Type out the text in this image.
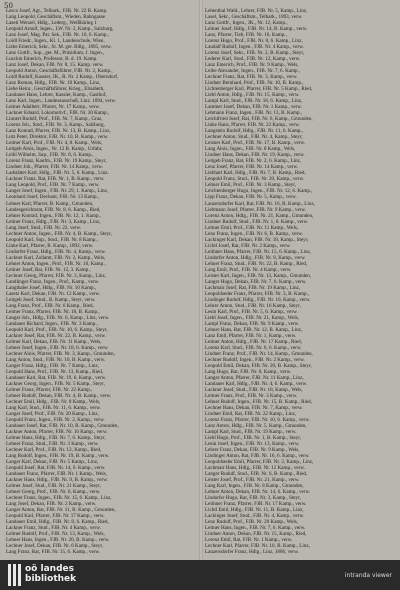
50
Lesco Josef, Agt., Telbark., FJB. Nr. 22 B. Kamp.
Lang Leopold, Geschäftsm., Wieden, Bahngasse
Lasetl Wenzel, Hdlg., Lederg., Weißhäring 1
Leopold Arnulf, Ingen., LW. Nr. 2, Kamp., Salzburg,
Lanz Josef, Mag. Pat. Sek., FJB. Nr. 10, 6. Kamp.,
Loidl Friedr., Ingen., Kl. 1, Landesschule, Wien.
Liebe Emerich, Sekr., St. M. ger. Bdlg., 1895, verw.
Lanz Gottfr., Sup., ger. M., Präsidium, J. Ingen.,
Luschin Emerich, Professor, B. d. 19. Kamp.
Lanz Josef, Dekan, FJB. Nr. 8, 15. Kamp. verw.
Leopold Anton, Geschäftsführer, FJB. Nr. 2, Kamp.,
Loidl Rudolf, Kassier, JK., R. Nr. 2 Kamp., Oberndorf,
Lanz Roman, Hdlg., FJB. Nr. 10 Kamp., Linz,
Liebe Heinr., Geschäftsführer, Krieg., Elisabeth,
Landauer Hans, Lehrer, Kassier, Kamp., Gasthof,
Lanz Karl, Ingen., Landesausschuß, Linz. 1894, verw.
Leitner Adalbert, Pfarrer, Nr. 17 Kamp., verw.
Lackner Eduard, Lokomotivf., FJB. Nr. 30 Kamp.,
Linnert Rudolf, Prof., FJB. Nr. 7, Kamp., Graz,
Lorenz Joh., Stud., FJB. Nr. 3, Kamp., Salzburg,
Lanz Konrad, Pfarrer, FJB. Nr. 13, B. Kamp., Linz,
Lutz Peter, Direktor, FJB. Nr. 10, B. Kamp., verw.
Leimer Karl, Prof., FJB. Nr. 4, 8. Kamp., Wels,
Leitgeb Alois, Ingen., Nr. 12 B. Kamp., Urfahr,
Leibl Wilhelm, Sup., FJB. Nr. 8, 6. Kamp.,
Lorenz Franz, Kaufm., FJB. Nr. 19 Kamp., Steyr,
Lindner Joh., Pfarrer, FJB. Nr. 14 Kamp., verw.
Ladstätter Karl, Hdlg., FJB. Nr. 5, 6. Kamp., Linz.
Lackner Franz, Rat, FJB. Nr. 1, B. Kamp., verw.
Lang Leopold, Prof., FJB. Nr. 7 Kamp., verw.
Langer Josef, Ingen., FJB. Nr. 29, 1. Kamp., Linz,
Leonhard Josef, Dechant, FJB. Nr. 13 Kamp.,
Lehner Karl, Pfarrer, B. Kamp., Gmunden,
Landesgerichtsrat, FJB. Nr. 8, 6. Kamp., Ried,
Lehner Konrad, Ingen., FJB. Nr. 12, 1. Kamp.,
Leitner Franz, Hdlg., FJB. Nr. 3, Kamp., Linz,
Lang Josef, Stud., FJB. Nr. 22, verw.
Lechner Anton, Ingen., FJB. Nr. 4, B. Kamp., Steyr,
Leopold Karl, Sup., Stud., FJB. Nr. 8 Kamp.,
Linke Karl, Pfarrer, B. Kamp., 1892, verw.
Lindorfer Franz, Hdlg., FJB. Nr. 4, Kamp., verw.
Lackner Karl, Zollamt, FJB. Nr. 2, Kamp., Wels,
Lehner Anton, Ingen., Prof., FJB. Nr. 10, Kamp.,
Leitner Josef, Rat, FJB. Nr. 12, 3. Kamp.,
Lechner Georg, Pfarrer, FJB. Nr. 3, Kamp., Linz,
Landlinger Franz, Ingen., Prof., Kamp., verw.
Langthaler Josef, Hdlg., FJB. Nr. 10 Kamp.,
Lasetz Karl, Dekan, FJB. Nr. 12 Kamp., verw.
Leitgeb Josef, Stud., B. Kamp., Steyr, verw.
Lang Franz, Prof., FJB. Nr. 6 Kamp., Ried,
Leimer Franz, Pfarrer, FJB. Nr. 18, B. Kamp.,
Langer Joh., Hdlg., FJB. Nr. 6, Kamp., Linz, verw.
Landauer Richard, Ingen., FJB. Nr. 3 Kamp.,
Leopold Karl, Prof., FJB. Nr. 10, 6. Kamp., Steyr,
Lackner Josef, Rat, FJB. Nr. 22, B. Kamp., verw.
Leitner Karl, Dekan, FJB. Nr. 11 Kamp., Wels,
Lehner Josef, Ingen., FJB. Nr. 18, 6. Kamp., verw.
Lechner Alois, Pfarrer, FJB. Nr. 3, Kamp., Gmunden,
Lang Anton, Stud., FJB. Nr. 10, B. Kamp., verw.
Langer Franz, Hdlg., FJB. Nr. 7 Kamp., Linz,
Leopold Hans, Prof., FJB. Nr. 13, Kamp., Ried,
Landauer Karl, Rat, FJB. Nr. 19, 6. Kamp., verw.
Lackner Georg, Ingen., FJB. Nr. 5 Kamp., Steyr,
Leitner Franz, Pfarrer, FJB. Nr. 22 Kamp.,
Lehner Rudolf, Dekan, FJB. Nr. 4, B. Kamp., verw.
Lechner Emil, Hdlg., FJB. Nr. 8 Kamp., Wels,
Lang Karl, Stud., FJB. Nr. 11, 6. Kamp., verw.
Langer Josef, Prof., FJB. Nr. 20 Kamp., Linz,
Leopold Franz, Ingen., FJB. Nr. 2, Kamp., verw.
Landauer Josef, Rat, FJB. Nr. 10, B. Kamp., Gmunden,
Lackner Anton, Pfarrer, FJB. Nr. 16 Kamp., verw.
Leitner Hans, Hdlg., FJB. Nr. 7, 6. Kamp., Steyr,
Lehner Franz, Stud., FJB. Nr. 3 Kamp., verw.
Lechner Karl, Prof., FJB. Nr. 12, Kamp., Ried,
Lang Rudolf, Ingen., FJB. Nr. 19, B. Kamp., verw.
Langer Karl, Dekan, FJB. Nr. 5 Kamp., Linz,
Leopold Josef, Rat, FJB. Nr. 14, 6. Kamp., verw.
Landauer Franz, Pfarrer, FJB. Nr. 1 Kamp., Wels,
Lackner Hans, Hdlg., FJB. Nr. 9, B. Kamp., verw.
Leitner Josef, Stud., FJB. Nr. 21 Kamp., Steyr,
Lehner Georg, Prof., FJB. Nr. 6, Kamp., verw.
Lechner Franz, Ingen., FJB. Nr. 15, 6. Kamp., Linz,
Lang Josef, Dekan, FJB. Nr. 2 Kamp., verw.
Langer Anton, Rat, FJB. Nr. 11, B. Kamp., Gmunden,
Leopold Karl, Pfarrer, FJB. Nr. 17 Kamp., verw.
Landauer Emil, Hdlg., FJB. Nr. 8, 6. Kamp., Ried,
Lackner Franz, Stud., FJB. Nr. 4 Kamp., verw.
Leitner Rudolf, Prof., FJB. Nr. 13, Kamp., Wels,
Lehner Hans, Ingen., FJB. Nr. 20, B. Kamp., verw.
Lechner Josef, Dekan, FJB. Nr. 6 Kamp., Steyr,
Lang Franz, Rat, FJB. Nr. 15, 6. Kamp., verw.
Lehenthal Wald., Lehrer, FJB. Nr. 5, Kamp., Linz,
Lasel, Sekr., Geschäftsm., Telbark., 1893, verw.
Lanz Gottfr., Ingen., JK., Nr. 12, Kamp.,
Leitner Josef, Hdlg., FJB. Nr. 14, B. Kamp., verw.
Lanz, Pfarrer, Tieb, FJB. Nr. 10, Kamp.,
Lorenz Hugo, Prof., FJB. Nr. 8, 6. Kamp., Linz,
Laudalf Rudolf, Ingen., FJB. Nr. 4 Kamp., verw.
Lorenz Josef, Sekr., FJB. Nr. 2, B. Kamp., Steyr,
Lederer Karl, Stud., FJB. Nr. 12, Kamp., verw.
Lanz Emerich, Prof., FJB. Nr. 9 Kamp., Wels,
Leibe Alexander, Ingen., FJB. Nr. 7, 6. Kamp.,
Lechner Franz, Rat, FJB. Nr. 3, Kamp., verw.
Lindner Bernhard, Prof., FJB. Nr. 10, B. Kamp.,
Lichtenberger Karl, Pfarrer, FJB. Nr. 5 Kamp., Ried,
Liebl Anton, Hdlg., FJB. Nr. 15, Kamp., verw.
Lampl Karl, Stud., FJB. Nr. 18, 6. Kamp., Linz,
Lammer Josef, Dekan, FJB. Nr. 1 Kamp., verw.
Lehmann Franz, Ingen., FJB. Nr. 13, B. Kamp.,
Leichtfried Josef, Rat, FJB. Nr. 6, Kamp., Gmunden,
Linke Hans, Pfarrer, FJB. Nr. 22 Kamp., verw.
Langstein Rudolf, Hdlg., FJB. Nr. 11, 6. Kamp.,
Lechner Anton, Stud., FJB. Nr. 4, Kamp., Steyr,
Leisner Karl, Prof., FJB. Nr. 17, B. Kamp., verw.
Lang Alois, Ingen., FJB. Nr. 8 Kamp., Wels,
Lindner Hans, Dekan, FJB. Nr. 19, Kamp., verw.
Leitgeb Franz, Rat, FJB. Nr. 2, 6. Kamp., Linz,
Lenz Josef, Pfarrer, FJB. Nr. 14 Kamp., verw.
Liebhart Karl, Hdlg., FJB. Nr. 7, B. Kamp., Ried,
Leopold Franz, Stud., FJB. Nr. 20, Kamp., verw.
Lehner Emil, Prof., FJB. Nr. 3 Kamp., Steyr,
Leichtenberger Hugo, Ingen., FJB. Nr. 12, 6. Kamp.,
Lipp Franz, Dekan, FJB. Nr. 5, Kamp., verw.
Lanzersdorfer Karl, Rat, FJB. Nr. 16, B. Kamp., Linz,
Liebmann Josef, Pfarrer, FJB. Nr. 9 Kamp., verw.
Lorenz Anton, Hdlg., FJB. Nr. 21, Kamp., Gmunden,
Lindner Rudolf, Stud., FJB. Nr. 1, 6. Kamp., verw.
Leitner Emil, Prof., FJB. Nr. 11 Kamp., Wels,
Lenz Franz, Ingen., FJB. Nr. 6, B. Kamp., verw.
Lackinger Karl, Dekan, FJB. Nr. 18, Kamp., Steyr,
Lichtl Josef, Rat, FJB. Nr. 2 Kamp., verw.
Leithner Hans, Pfarrer, FJB. Nr. 15, 6. Kamp., Linz,
Lindorfer Anton, Hdlg., FJB. Nr. 8, Kamp., verw.
Lehner Franz, Stud., FJB. Nr. 22, B. Kamp., Ried,
Lang Emil, Prof., FJB. Nr. 4 Kamp., verw.
Leister Karl, Ingen., FJB. Nr. 13, Kamp., Gmunden,
Langer Hugo, Dekan, FJB. Nr. 7, 6. Kamp., verw.
Lachmair Josef, Rat, FJB. Nr. 19 Kamp., Linz,
Leopoldseder Franz, Pfarrer, FJB. Nr. 3, B. Kamp.,
Lindinger Rudolf, Hdlg., FJB. Nr. 10, Kamp., verw.
Lehrer Anton, Stud., FJB. Nr. 16 Kamp., Steyr,
Lesin Karl, Prof., FJB. Nr. 5, 6. Kamp., verw.
Liebl Josef, Ingen., FJB. Nr. 21, Kamp., Wels,
Lampl Franz, Dekan, FJB. Nr. 9 Kamp., verw.
Lehner Hans, Rat, FJB. Nr. 12, B. Kamp., Linz,
Lanz Emil, Pfarrer, FJB. Nr. 1, Kamp., verw.
Leitner Anton, Hdlg., FJB. Nr. 17 Kamp., Ried,
Lorenz Karl, Stud., FJB. Nr. 6, 6. Kamp., verw.
Lindner Franz, Prof., FJB. Nr. 14, Kamp., Gmunden,
Lechner Rudolf, Ingen., FJB. Nr. 2 Kamp., verw.
Leopold Emil, Dekan, FJB. Nr. 20, B. Kamp., Steyr,
Lang Hugo, Rat, FJB. Nr. 8, Kamp., verw.
Langer Anton, Pfarrer, FJB. Nr. 11 Kamp., Linz,
Landauer Karl, Hdlg., FJB. Nr. 4, 6. Kamp., verw.
Lackner Josef, Stud., FJB. Nr. 18, Kamp., Wels,
Leitner Franz, Prof., FJB. Nr. 3 Kamp., verw.
Lehner Rudolf, Ingen., FJB. Nr. 15, B. Kamp., Ried,
Lechner Hans, Dekan, FJB. Nr. 7, Kamp., verw.
Lindner Emil, Rat, FJB. Nr. 22 Kamp., Linz,
Lorenz Franz, Pfarrer, FJB. Nr. 10, 6. Kamp., verw.
Lanz Anton, Hdlg., FJB. Nr. 5, Kamp., Gmunden,
Lampl Karl, Stud., FJB. Nr. 19 Kamp., verw.
Liebl Hugo, Prof., FJB. Nr. 1, B. Kamp., Steyr,
Lesin Josef, Ingen., FJB. Nr. 13, Kamp., verw.
Lehrer Franz, Dekan, FJB. Nr. 9 Kamp., Wels,
Lindinger Anton, Rat, FJB. Nr. 16, 6. Kamp., verw.
Leopoldseder Emil, Pfarrer, FJB. Nr. 2, Kamp., Linz,
Lachmair Hans, Hdlg., FJB. Nr. 12 Kamp., verw.
Langer Rudolf, Stud., FJB. Nr. 6, B. Kamp., Ried,
Leister Josef, Prof., FJB. Nr. 21, Kamp., verw.
Lang Karl, Ingen., FJB. Nr. 8 Kamp., Gmunden,
Lehner Anton, Dekan, FJB. Nr. 14, 6. Kamp., verw.
Lindorfer Hugo, Rat, FJB. Nr. 3, Kamp., Steyr,
Leithner Franz, Pfarrer, FJB. Nr. 17 Kamp., verw.
Lichtl Emil, Hdlg., FJB. Nr. 11, B. Kamp., Linz,
Lackinger Josef, Stud., FJB. Nr. 4, Kamp., verw.
Lenz Rudolf, Prof., FJB. Nr. 20 Kamp., Wels,
Leitner Hans, Ingen., FJB. Nr. 7, 6. Kamp., verw.
Lindner Anton, Dekan, FJB. Nr. 15, Kamp., Ried,
Lorenz Emil, Rat, FJB. Nr. 1 Kamp., verw.
Lechner Karl, Pfarrer, FJB. Nr. 10, B. Kamp., Linz,
Lanzersdorfer Franz, Hdlg., Linz, 1886, verw.
oö landes
bibliothek	intranda viewer
